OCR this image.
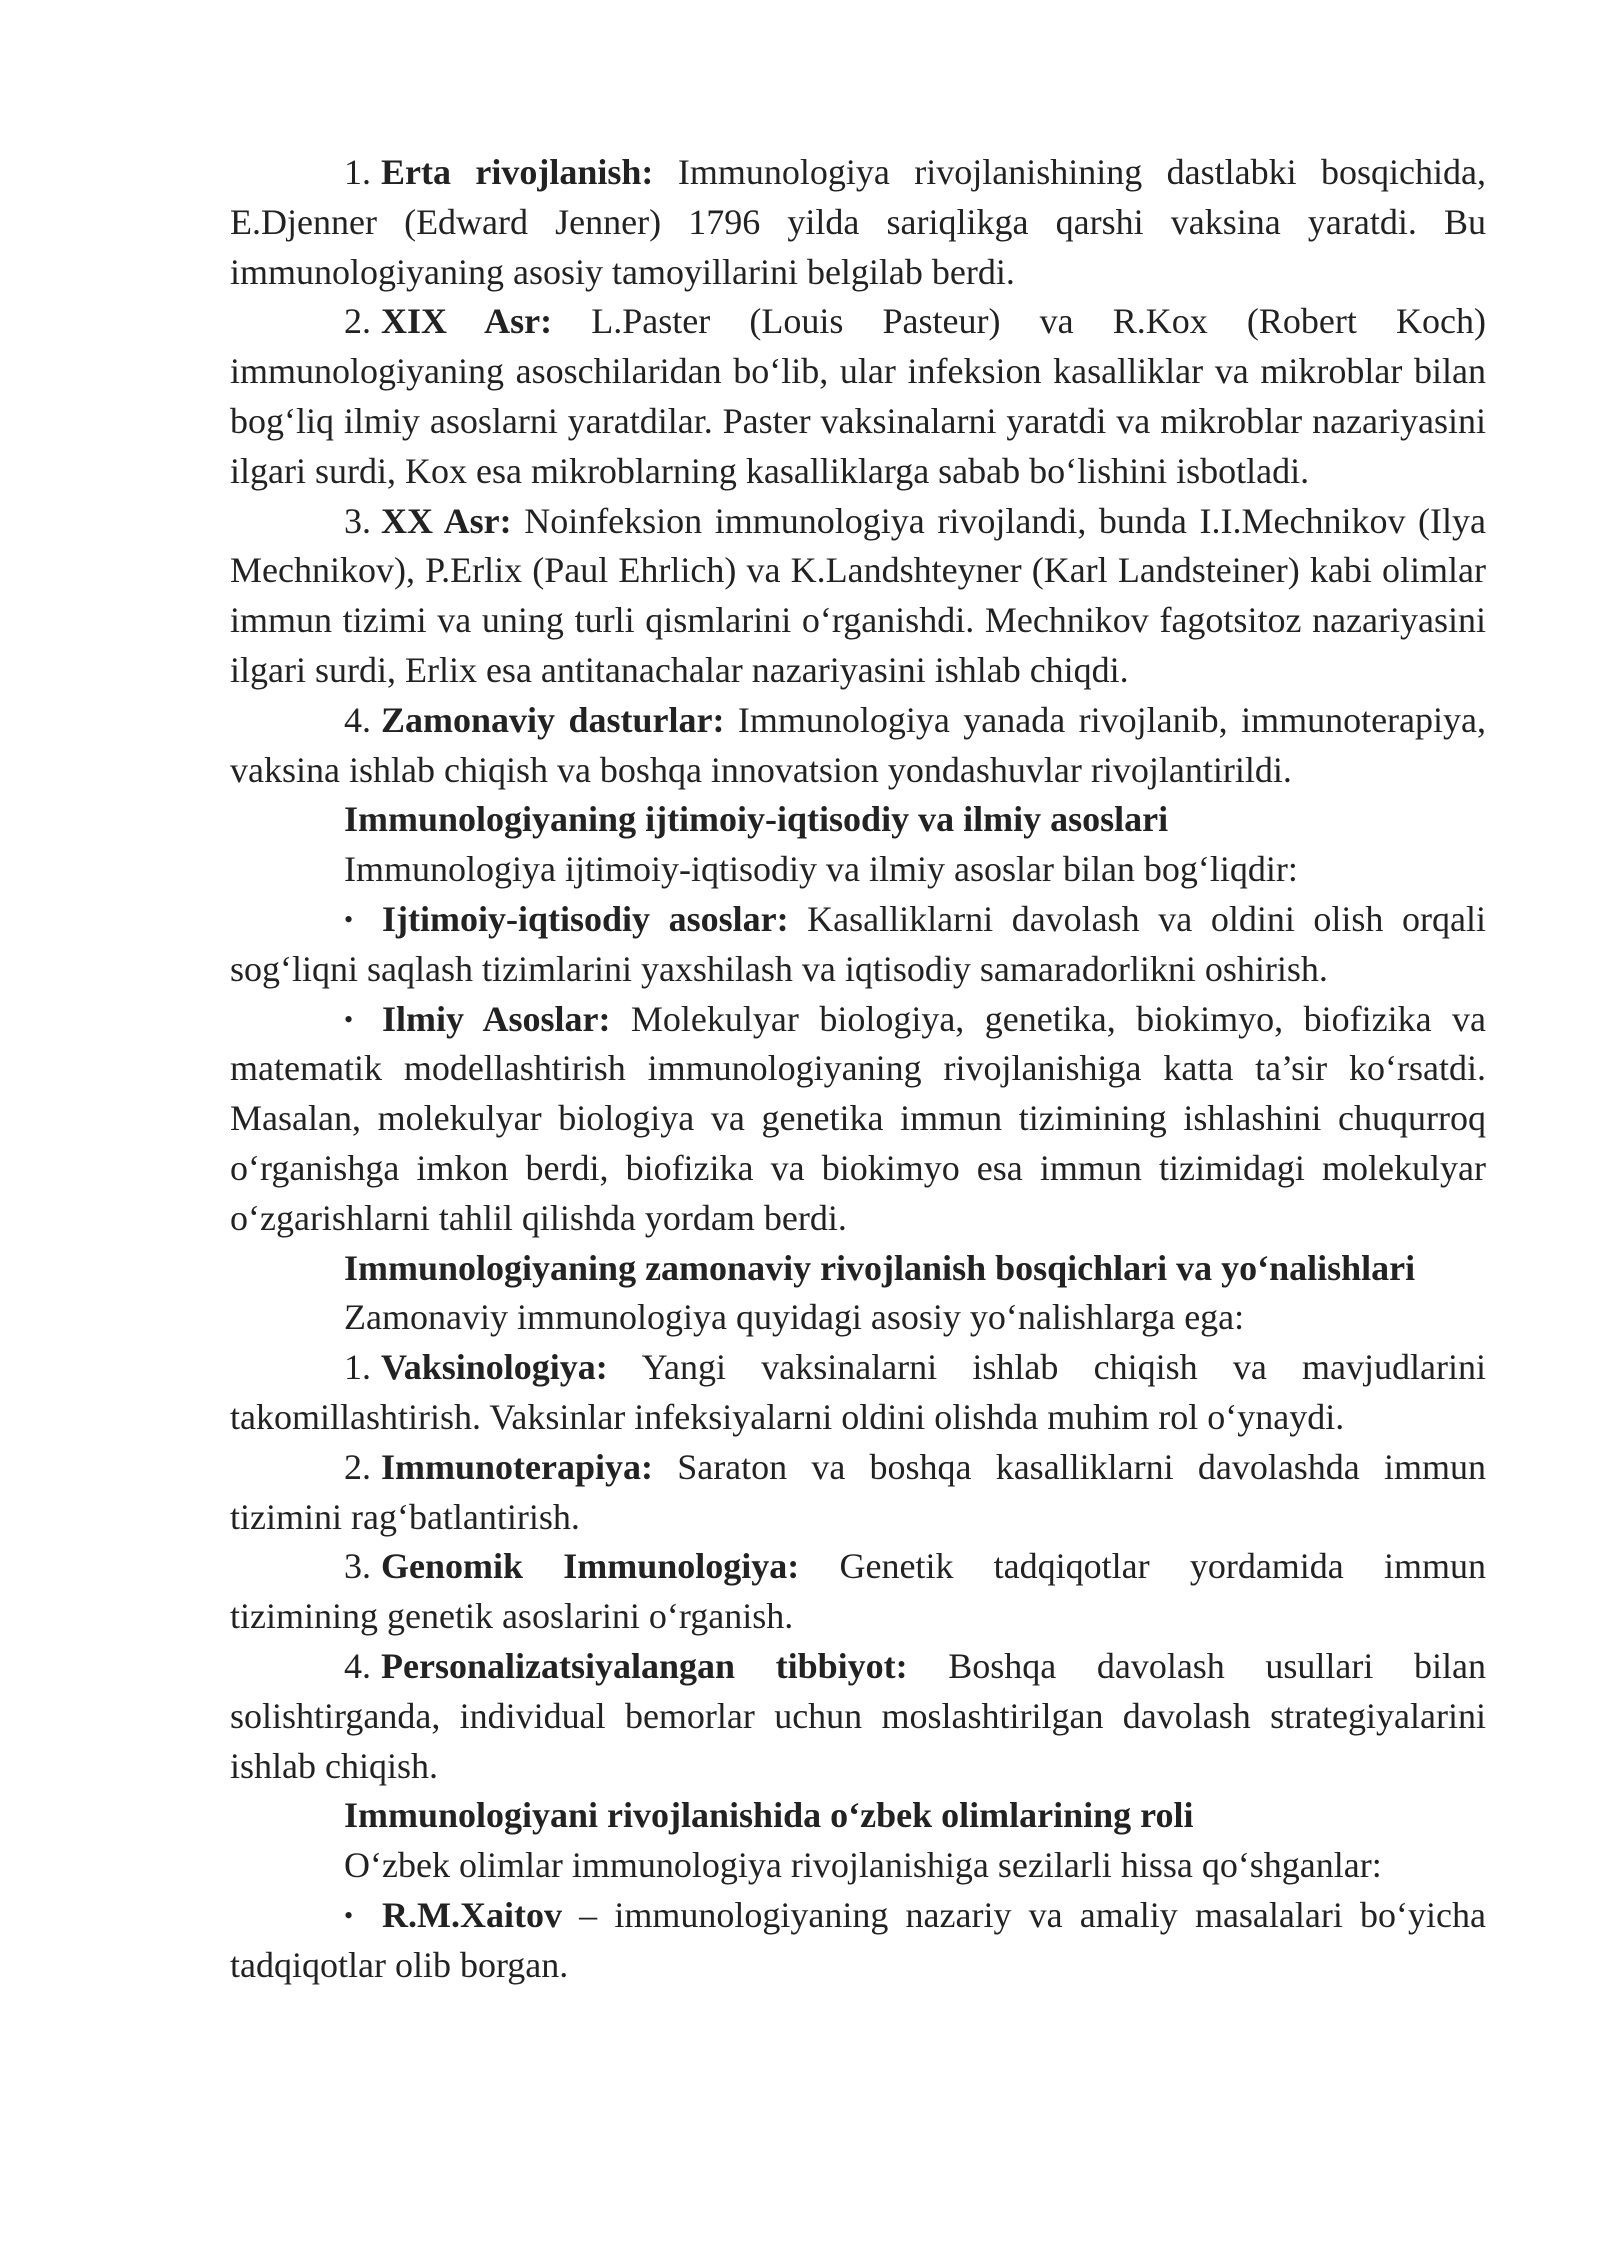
1. Erta rivojlanish: Immunologiya rivojlanishining dastlabki bosqichida, E.Djenner (Edward Jenner) 1796 yilda sariqlikga qarshi vaksina yaratdi. Bu immunologiyaning asosiy tamoyillarini belgilab berdi.

2. XIX Asr: L.Paster (Louis Pasteur) va R.Kox (Robert Koch) immunologiyaning asoschilaridan bo‘lib, ular infeksion kasalliklar va mikroblar bilan bog‘liq ilmiy asoslarni yaratdilar. Paster vaksinalarni yaratdi va mikroblar nazariyasini ilgari surdi, Kox esa mikroblarning kasalliklarga sabab bo‘lishini isbotladi.

3. XX Asr: Noinfeksion immunologiya rivojlandi, bunda I.I.Mechnikov (Ilya Mechnikov), P.Erlix (Paul Ehrlich) va K.Landshteyner (Karl Landsteiner) kabi olimlar immun tizimi va uning turli qismlarini o‘rganishdi. Mechnikov fagotsitoz nazariyasini ilgari surdi, Erlix esa antitanachalar nazariyasini ishlab chiqdi.

4. Zamonaviy dasturlar: Immunologiya yanada rivojlanib, immunoterapiya, vaksina ishlab chiqish va boshqa innovatsion yondashuvlar rivojlantirildi.

Immunologiyaning ijtimoiy-iqtisodiy va ilmiy asoslari

Immunologiya ijtimoiy-iqtisodiy va ilmiy asoslar bilan bog‘liqdir:

• Ijtimoiy-iqtisodiy asoslar: Kasalliklarni davolash va oldini olish orqali sog‘liqni saqlash tizimlarini yaxshilash va iqtisodiy samaradorlikni oshirish.

• Ilmiy Asoslar: Molekulyar biologiya, genetika, biokimyo, biofizika va matematik modellashtirish immunologiyaning rivojlanishiga katta ta’sir ko‘rsatdi. Masalan, molekulyar biologiya va genetika immun tizimining ishlashini chuqurroq o‘rganishga imkon berdi, biofizika va biokimyo esa immun tizimidagi molekulyar o‘zgarishlarni tahlil qilishda yordam berdi.

Immunologiyaning zamonaviy rivojlanish bosqichlari va yo‘nalishlari

Zamonaviy immunologiya quyidagi asosiy yo‘nalishlarga ega:

1. Vaksinologiya: Yangi vaksinalarni ishlab chiqish va mavjudlarini takomillashtirish. Vaksinlar infeksiyalarni oldini olishda muhim rol o‘ynaydi.

2. Immunoterapiya: Saraton va boshqa kasalliklarni davolashda immun tizimini rag‘batlantirish.

3. Genomik Immunologiya: Genetik tadqiqotlar yordamida immun tizimining genetik asoslarini o‘rganish.

4. Personalizatsiyalangan tibbiyot: Boshqa davolash usullari bilan solishtirganda, individual bemorlar uchun moslashtirilgan davolash strategiyalarini ishlab chiqish.

Immunologiyani rivojlanishida o‘zbek olimlarining roli

O‘zbek olimlar immunologiya rivojlanishiga sezilarli hissa qo‘shganlar:

• R.M.Xaitov – immunologiyaning nazariy va amaliy masalalari bo‘yicha tadqiqotlar olib borgan.
